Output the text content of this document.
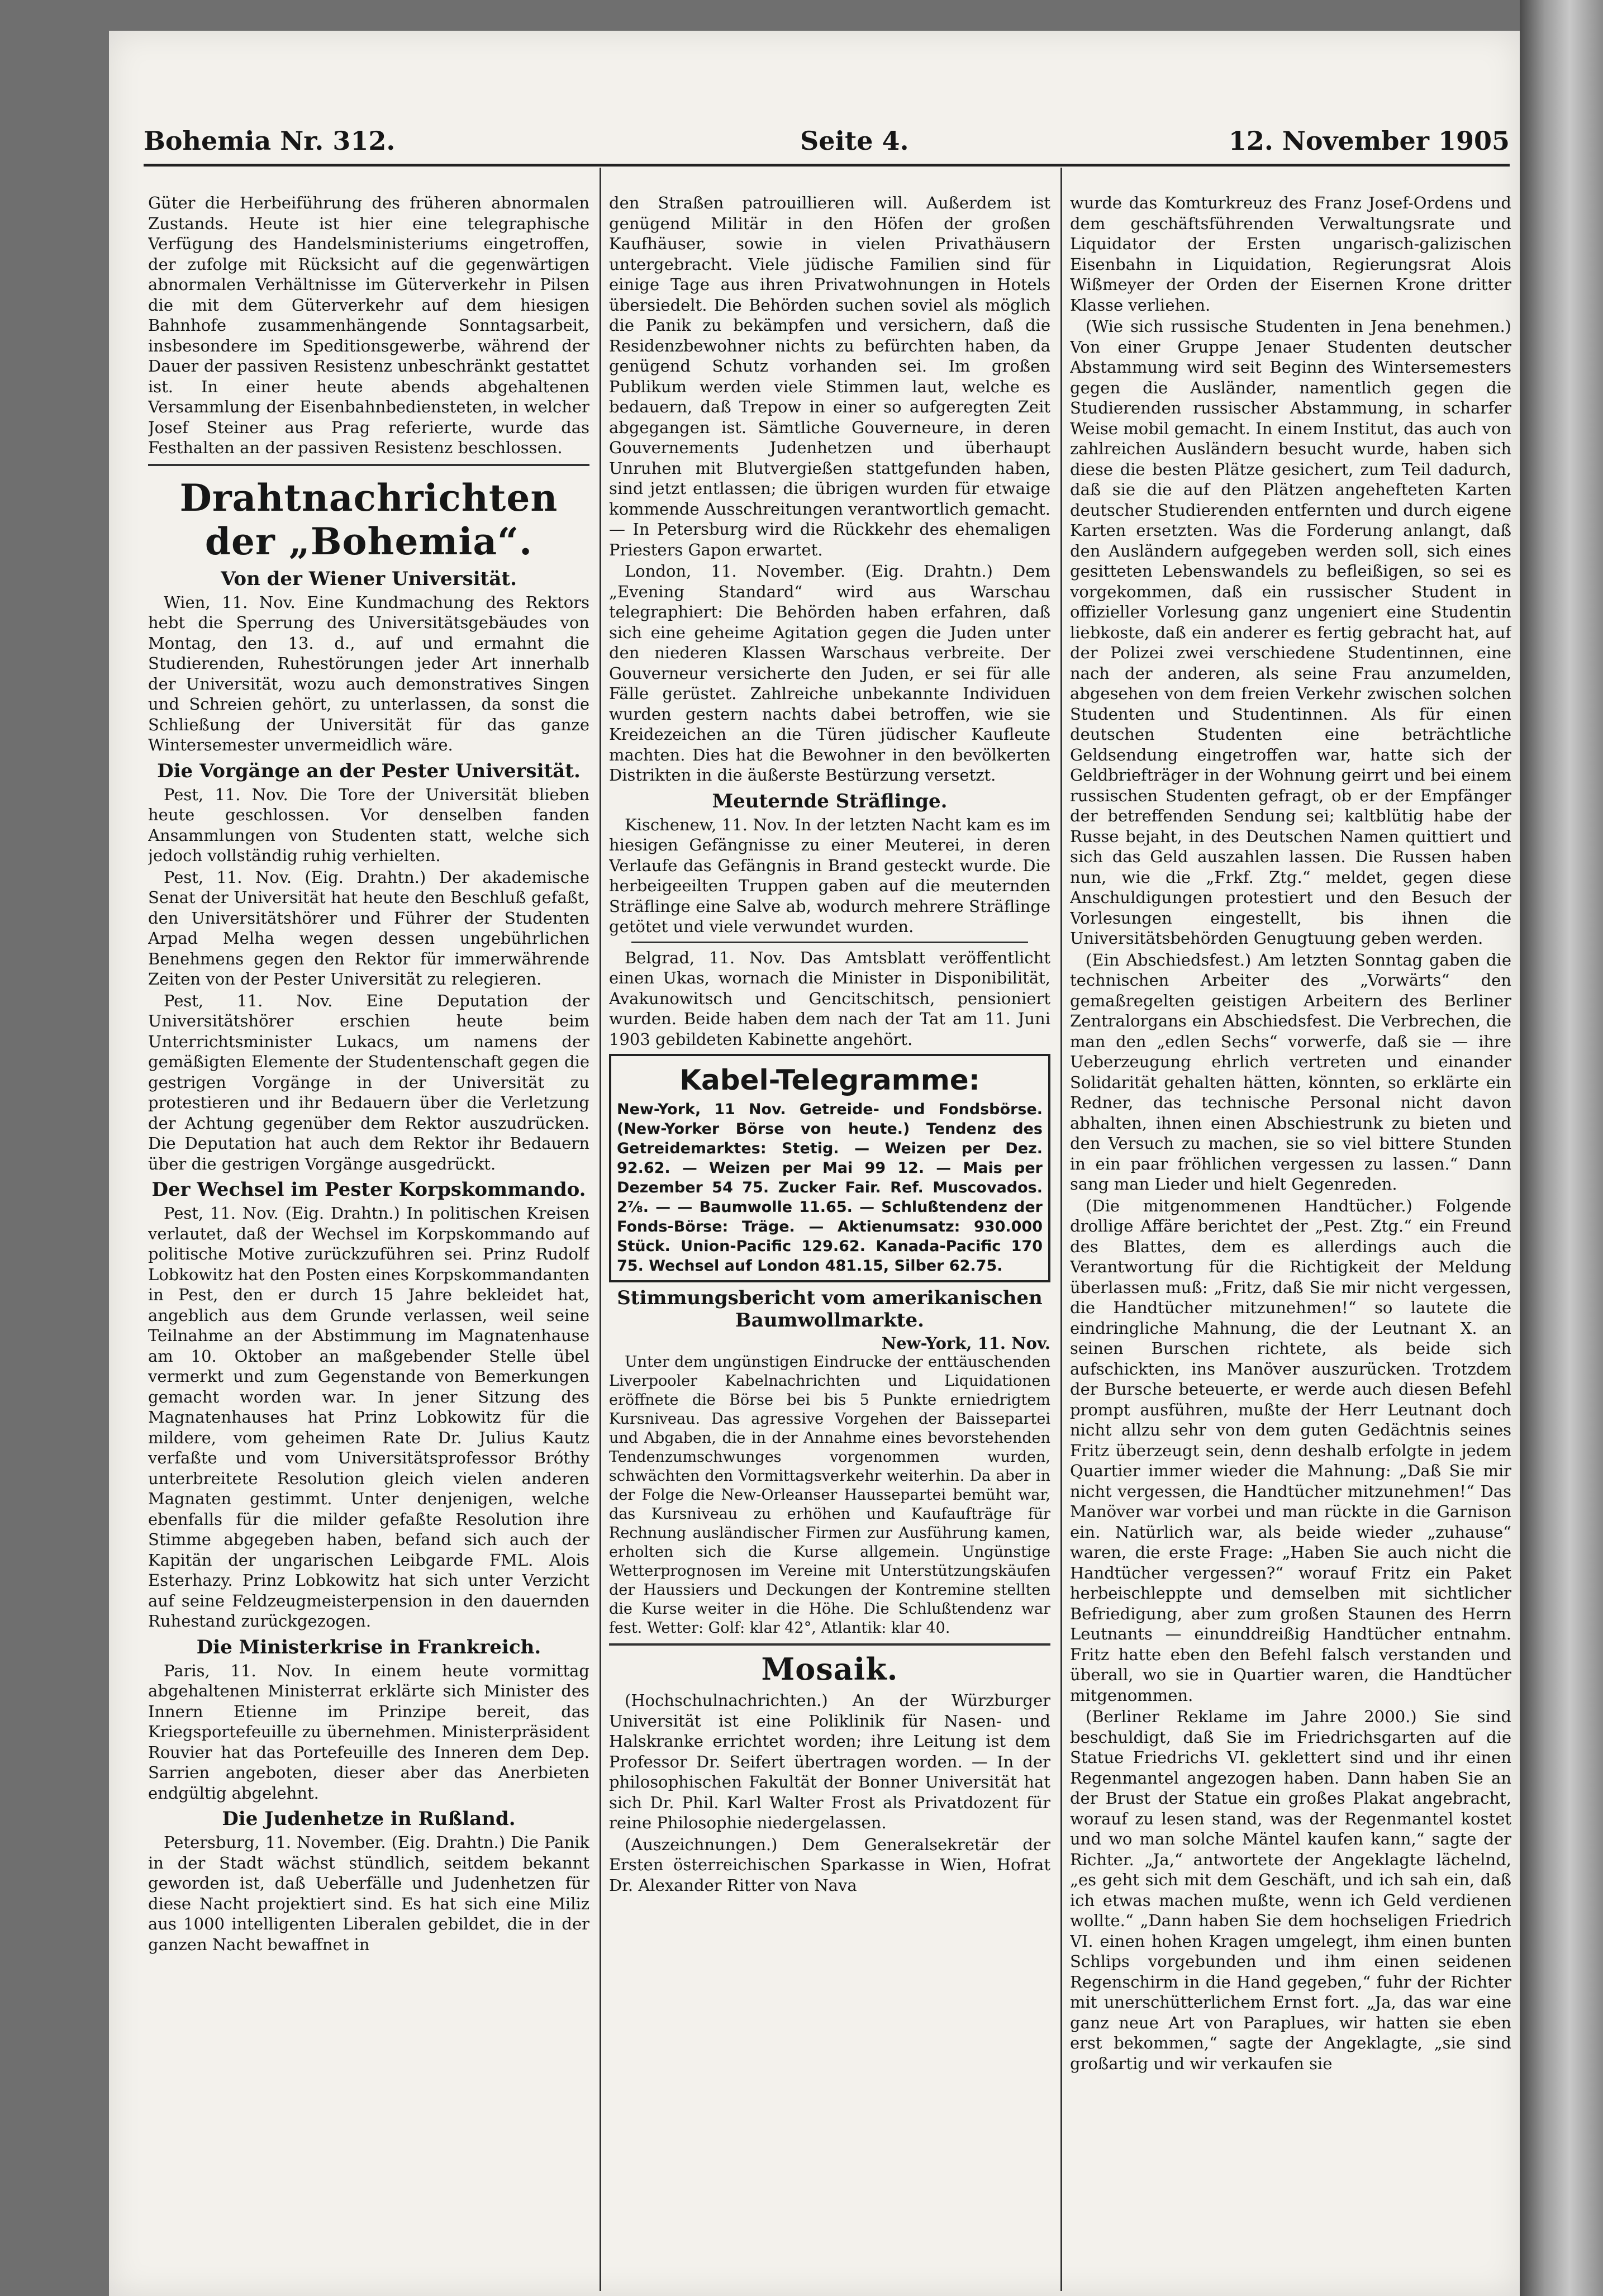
Bohemia Nr. 312.	Seite 4.	12. November 1905

Güter die Herbeiführung des früheren abnormalen Zustands. Heute ist hier eine telegraphische Verfügung des Handelsministeriums eingetroffen, der zufolge mit Rücksicht auf die gegenwärtigen abnormalen Verhältnisse im Güterverkehr in Pilsen die mit dem Güterverkehr auf dem hiesigen Bahnhofe zusammenhängende Sonntagsarbeit, insbesondere im Speditionsgewerbe, während der Dauer der passiven Resistenz unbeschränkt gestattet ist. In einer heute abends abgehaltenen Versammlung der Eisenbahnbediensteten, in welcher Josef Steiner aus Prag referierte, wurde das Festhalten an der passiven Resistenz beschlossen.

Drahtnachrichten der „Bohemia“.
Von der Wiener Universität.

Wien, 11. Nov. Eine Kundmachung des Rektors hebt die Sperrung des Universitätsgebäudes von Montag, den 13. d., auf und ermahnt die Studierenden, Ruhestörungen jeder Art innerhalb der Universität, wozu auch demonstratives Singen und Schreien gehört, zu unterlassen, da sonst die Schließung der Universität für das ganze Wintersemester unvermeidlich wäre.

Die Vorgänge an der Pester Universität.

Pest, 11. Nov. Die Tore der Universität blieben heute geschlossen. Vor denselben fanden Ansammlungen von Studenten statt, welche sich jedoch vollständig ruhig verhielten.

Pest, 11. Nov. (Eig. Drahtn.) Der akademische Senat der Universität hat heute den Beschluß gefaßt, den Universitätshörer und Führer der Studenten Arpad Melha wegen dessen ungebührlichen Benehmens gegen den Rektor für immerwährende Zeiten von der Pester Universität zu relegieren.

Pest, 11. Nov. Eine Deputation der Universitätshörer erschien heute beim Unterrichtsminister Lukacs, um namens der gemäßigten Elemente der Studentenschaft gegen die gestrigen Vorgänge in der Universität zu protestieren und ihr Bedauern über die Verletzung der Achtung gegenüber dem Rektor auszudrücken. Die Deputation hat auch dem Rektor ihr Bedauern über die gestrigen Vorgänge ausgedrückt.

Der Wechsel im Pester Korpskommando.

Pest, 11. Nov. (Eig. Drahtn.) In politischen Kreisen verlautet, daß der Wechsel im Korpskommando auf politische Motive zurückzuführen sei. Prinz Rudolf Lobkowitz hat den Posten eines Korpskommandanten in Pest, den er durch 15 Jahre bekleidet hat, angeblich aus dem Grunde verlassen, weil seine Teilnahme an der Abstimmung im Magnatenhause am 10. Oktober an maßgebender Stelle übel vermerkt und zum Gegenstande von Bemerkungen gemacht worden war. In jener Sitzung des Magnatenhauses hat Prinz Lobkowitz für die mildere, vom geheimen Rate Dr. Julius Kautz verfaßte und vom Universitätsprofessor Bróthy unterbreitete Resolution gleich vielen anderen Magnaten gestimmt. Unter denjenigen, welche ebenfalls für die milder gefaßte Resolution ihre Stimme abgegeben haben, befand sich auch der Kapitän der ungarischen Leibgarde FML. Alois Esterhazy. Prinz Lobkowitz hat sich unter Verzicht auf seine Feldzeugmeisterpension in den dauernden Ruhestand zurückgezogen.

Die Ministerkrise in Frankreich.

Paris, 11. Nov. In einem heute vormittag abgehaltenen Ministerrat erklärte sich Minister des Innern Etienne im Prinzipe bereit, das Kriegsportefeuille zu übernehmen. Ministerpräsident Rouvier hat das Portefeuille des Inneren dem Dep. Sarrien angeboten, dieser aber das Anerbieten endgültig abgelehnt.

Die Judenhetze in Rußland.

Petersburg, 11. November. (Eig. Drahtn.) Die Panik in der Stadt wächst stündlich, seitdem bekannt geworden ist, daß Ueberfälle und Judenhetzen für diese Nacht projektiert sind. Es hat sich eine Miliz aus 1000 intelligenten Liberalen gebildet, die in der ganzen Nacht bewaffnet in

den Straßen patrouillieren will. Außerdem ist genügend Militär in den Höfen der großen Kaufhäuser, sowie in vielen Privathäusern untergebracht. Viele jüdische Familien sind für einige Tage aus ihren Privatwohnungen in Hotels übersiedelt. Die Behörden suchen soviel als möglich die Panik zu bekämpfen und versichern, daß die Residenzbewohner nichts zu befürchten haben, da genügend Schutz vorhanden sei. Im großen Publikum werden viele Stimmen laut, welche es bedauern, daß Trepow in einer so aufgeregten Zeit abgegangen ist. Sämtliche Gouverneure, in deren Gouvernements Judenhetzen und überhaupt Unruhen mit Blutvergießen stattgefunden haben, sind jetzt entlassen; die übrigen wurden für etwaige kommende Ausschreitungen verantwortlich gemacht. — In Petersburg wird die Rückkehr des ehemaligen Priesters Gapon erwartet.

London, 11. November. (Eig. Drahtn.) Dem „Evening Standard“ wird aus Warschau telegraphiert: Die Behörden haben erfahren, daß sich eine geheime Agitation gegen die Juden unter den niederen Klassen Warschaus verbreite. Der Gouverneur versicherte den Juden, er sei für alle Fälle gerüstet. Zahlreiche unbekannte Individuen wurden gestern nachts dabei betroffen, wie sie Kreidezeichen an die Türen jüdischer Kaufleute machten. Dies hat die Bewohner in den bevölkerten Distrikten in die äußerste Bestürzung versetzt.

Meuternde Sträflinge.

Kischenew, 11. Nov. In der letzten Nacht kam es im hiesigen Gefängnisse zu einer Meuterei, in deren Verlaufe das Gefängnis in Brand gesteckt wurde. Die herbeigeeilten Truppen gaben auf die meuternden Sträflinge eine Salve ab, wodurch mehrere Sträflinge getötet und viele verwundet wurden.

Belgrad, 11. Nov. Das Amtsblatt veröffentlicht einen Ukas, wornach die Minister in Disponibilität, Avakunowitsch und Gencitschitsch, pensioniert wurden. Beide haben dem nach der Tat am 11. Juni 1903 gebildeten Kabinette angehört.

Kabel-Telegramme:
New-York, 11 Nov. Getreide- und Fondsbörse. (New-Yorker Börse von heute.) Tendenz des Getreidemarktes: Stetig. — Weizen per Dez. 92.62. — Weizen per Mai 99 12. — Mais per Dezember 54 75. Zucker Fair. Ref. Muscovados. 2⅞. — — Baumwolle 11.65. — Schlußtendenz der Fonds-Börse: Träge. — Aktienumsatz: 930.000 Stück. Union-Pacific 129.62. Kanada-Pacific 170 75. Wechsel auf London 481.15, Silber 62.75.
Stimmungsbericht vom amerikanischen Baumwollmarkte.

New-York, 11. Nov.

Unter dem ungünstigen Eindrucke der enttäuschenden Liverpooler Kabelnachrichten und Liquidationen eröffnete die Börse bei bis 5 Punkte erniedrigtem Kursniveau. Das agressive Vorgehen der Baissepartei und Abgaben, die in der Annahme eines bevorstehenden Tendenzumschwunges vorgenommen wurden, schwächten den Vormittagsverkehr weiterhin. Da aber in der Folge die New-Orleanser Haussepartei bemüht war, das Kursniveau zu erhöhen und Kaufaufträge für Rechnung ausländischer Firmen zur Ausführung kamen, erholten sich die Kurse allgemein. Ungünstige Wetterprognosen im Vereine mit Unterstützungskäufen der Haussiers und Deckungen der Kontremine stellten die Kurse weiter in die Höhe. Die Schlußtendenz war fest. Wetter: Golf: klar 42°, Atlantik: klar 40.

Mosaik.

(Hochschulnachrichten.) An der Würzburger Universität ist eine Poliklinik für Nasen- und Halskranke errichtet worden; ihre Leitung ist dem Professor Dr. Seifert übertragen worden. — In der philosophischen Fakultät der Bonner Universität hat sich Dr. Phil. Karl Walter Frost als Privatdozent für reine Philosophie niedergelassen.

(Auszeichnungen.) Dem Generalsekretär der Ersten österreichischen Sparkasse in Wien, Hofrat Dr. Alexander Ritter von Nava

wurde das Komturkreuz des Franz Josef-Ordens und dem geschäftsführenden Verwaltungsrate und Liquidator der Ersten ungarisch-galizischen Eisenbahn in Liquidation, Regierungsrat Alois Wißmeyer der Orden der Eisernen Krone dritter Klasse verliehen.

(Wie sich russische Studenten in Jena benehmen.) Von einer Gruppe Jenaer Studenten deutscher Abstammung wird seit Beginn des Wintersemesters gegen die Ausländer, namentlich gegen die Studierenden russischer Abstammung, in scharfer Weise mobil gemacht. In einem Institut, das auch von zahlreichen Ausländern besucht wurde, haben sich diese die besten Plätze gesichert, zum Teil dadurch, daß sie die auf den Plätzen angehefteten Karten deutscher Studierenden entfernten und durch eigene Karten ersetzten. Was die Forderung anlangt, daß den Ausländern aufgegeben werden soll, sich eines gesitteten Lebenswandels zu befleißigen, so sei es vorgekommen, daß ein russischer Student in offizieller Vorlesung ganz ungeniert eine Studentin liebkoste, daß ein anderer es fertig gebracht hat, auf der Polizei zwei verschiedene Studentinnen, eine nach der anderen, als seine Frau anzumelden, abgesehen von dem freien Verkehr zwischen solchen Studenten und Studentinnen. Als für einen deutschen Studenten eine beträchtliche Geldsendung eingetroffen war, hatte sich der Geldbriefträger in der Wohnung geirrt und bei einem russischen Studenten gefragt, ob er der Empfänger der betreffenden Sendung sei; kaltblütig habe der Russe bejaht, in des Deutschen Namen quittiert und sich das Geld auszahlen lassen. Die Russen haben nun, wie die „Frkf. Ztg.“ meldet, gegen diese Anschuldigungen protestiert und den Besuch der Vorlesungen eingestellt, bis ihnen die Universitätsbehörden Genugtuung geben werden.

(Ein Abschiedsfest.) Am letzten Sonntag gaben die technischen Arbeiter des „Vorwärts“ den gemaßregelten geistigen Arbeitern des Berliner Zentralorgans ein Abschiedsfest. Die Verbrechen, die man den „edlen Sechs“ vorwerfe, daß sie — ihre Ueberzeugung ehrlich vertreten und einander Solidarität gehalten hätten, könnten, so erklärte ein Redner, das technische Personal nicht davon abhalten, ihnen einen Abschiestrunk zu bieten und den Versuch zu machen, sie so viel bittere Stunden in ein paar fröhlichen vergessen zu lassen.“ Dann sang man Lieder und hielt Gegenreden.

(Die mitgenommenen Handtücher.) Folgende drollige Affäre berichtet der „Pest. Ztg.“ ein Freund des Blattes, dem es allerdings auch die Verantwortung für die Richtigkeit der Meldung überlassen muß: „Fritz, daß Sie mir nicht vergessen, die Handtücher mitzunehmen!“ so lautete die eindringliche Mahnung, die der Leutnant X. an seinen Burschen richtete, als beide sich aufschickten, ins Manöver auszurücken. Trotzdem der Bursche beteuerte, er werde auch diesen Befehl prompt ausführen, mußte der Herr Leutnant doch nicht allzu sehr von dem guten Gedächtnis seines Fritz überzeugt sein, denn deshalb erfolgte in jedem Quartier immer wieder die Mahnung: „Daß Sie mir nicht vergessen, die Handtücher mitzunehmen!“ Das Manöver war vorbei und man rückte in die Garnison ein. Natürlich war, als beide wieder „zuhause“ waren, die erste Frage: „Haben Sie auch nicht die Handtücher vergessen?“ worauf Fritz ein Paket herbeischleppte und demselben mit sichtlicher Befriedigung, aber zum großen Staunen des Herrn Leutnants — einunddreißig Handtücher entnahm. Fritz hatte eben den Befehl falsch verstanden und überall, wo sie in Quartier waren, die Handtücher mitgenommen.

(Berliner Reklame im Jahre 2000.) Sie sind beschuldigt, daß Sie im Friedrichsgarten auf die Statue Friedrichs VI. geklettert sind und ihr einen Regenmantel angezogen haben. Dann haben Sie an der Brust der Statue ein großes Plakat angebracht, worauf zu lesen stand, was der Regenmantel kostet und wo man solche Mäntel kaufen kann,“ sagte der Richter. „Ja,“ antwortete der Angeklagte lächelnd, „es geht sich mit dem Geschäft, und ich sah ein, daß ich etwas machen mußte, wenn ich Geld verdienen wollte.“ „Dann haben Sie dem hochseligen Friedrich VI. einen hohen Kragen umgelegt, ihm einen bunten Schlips vorgebunden und ihm einen seidenen Regenschirm in die Hand gegeben,“ fuhr der Richter mit unerschütterlichem Ernst fort. „Ja, das war eine ganz neue Art von Paraplues, wir hatten sie eben erst bekommen,“ sagte der Angeklagte, „sie sind großartig und wir verkaufen sie
